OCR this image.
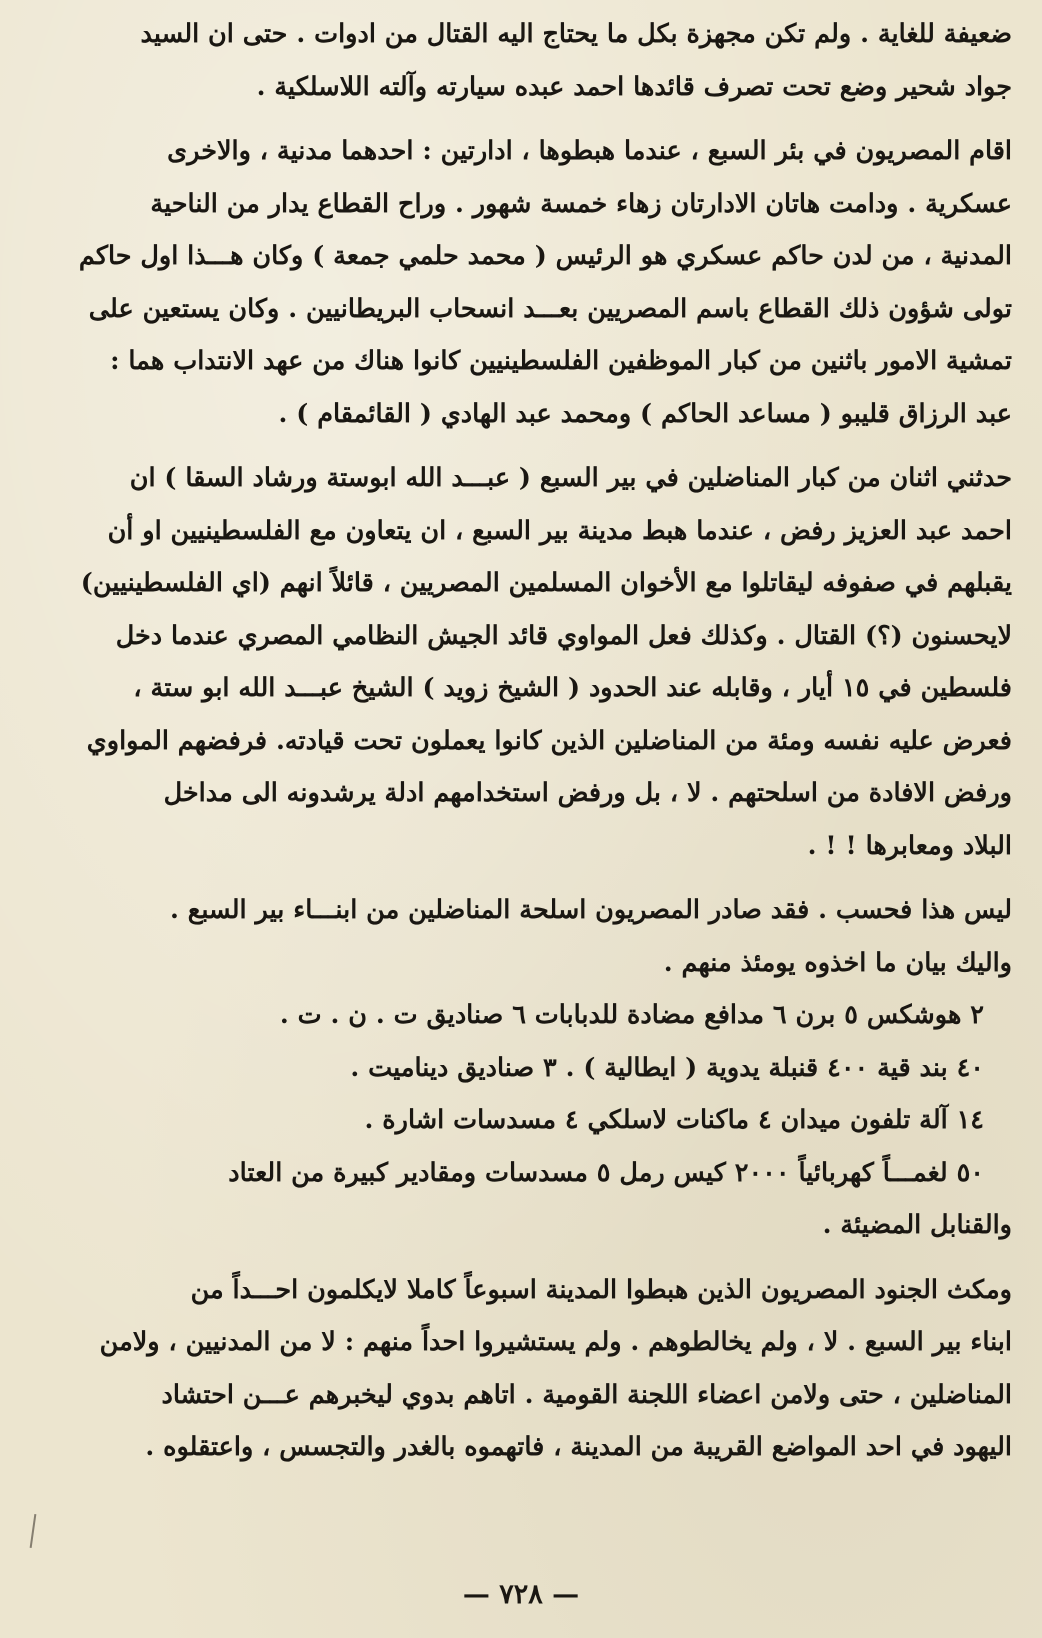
ضعيفة للغاية . ولم تكن مجهزة بكل ما يحتاج اليه القتال من ادوات . حتى ان السيد
جواد شحير وضع تحت تصرف قائدها احمد عبده سيارته وآلته اللاسلكية .
اقام المصريون في بئر السبع ، عندما هبطوها ، ادارتين : احدهما مدنية ، والاخرى
عسكرية . ودامت هاتان الادارتان زهاء خمسة شهور . وراح القطاع يدار من الناحية
المدنية ، من لدن حاكم عسكري هو الرئيس ( محمد حلمي جمعة ) وكان هـــذا اول حاكم
تولى شؤون ذلك القطاع باسم المصريين بعـــد انسحاب البريطانيين . وكان يستعين على
تمشية الامور باثنين من كبار الموظفين الفلسطينيين كانوا هناك من عهد الانتداب هما :
عبد الرزاق قليبو ( مساعد الحاكم ) ومحمد عبد الهادي ( القائمقام ) .
حدثني اثنان من كبار المناضلين في بير السبع ( عبـــد الله ابوستة ورشاد السقا ) ان
احمد عبد العزيز رفض ، عندما هبط مدينة بير السبع ، ان يتعاون مع الفلسطينيين او أن
يقبلهم في صفوفه ليقاتلوا مع الأخوان المسلمين المصريين ، قائلاً انهم (اي الفلسطينيين)
لايحسنون (؟) القتال . وكذلك فعل المواوي قائد الجيش النظامي المصري عندما دخل
فلسطين في ١٥ أيار ، وقابله عند الحدود ( الشيخ زويد ) الشيخ عبـــد الله ابو ستة ،
فعرض عليه نفسه ومئة من المناضلين الذين كانوا يعملون تحت قيادته. فرفضهم المواوي
ورفض الافادة من اسلحتهم . لا ، بل ورفض استخدامهم ادلة يرشدونه الى مداخل
البلاد ومعابرها ! ! .
ليس هذا فحسب . فقد صادر المصريون اسلحة المناضلين من ابنـــاء بير السبع .
واليك بيان ما اخذوه يومئذ منهم .
٢ هوشكس ٥ برن ٦ مدافع مضادة للدبابات ٦ صناديق ت . ن . ت .
٤٠ بند قية ٤٠٠ قنبلة يدوية ( ايطالية ) . ٣ صناديق ديناميت .
١٤ آلة تلفون ميدان ٤ ماكنات لاسلكي ٤ مسدسات اشارة .
٥٠ لغمـــاً كهربائياً ٢٠٠٠ كيس رمل ٥ مسدسات ومقادير كبيرة من العتاد
والقنابل المضيئة .
ومكث الجنود المصريون الذين هبطوا المدينة اسبوعاً كاملا لايكلمون احـــداً من
ابناء بير السبع . لا ، ولم يخالطوهم . ولم يستشيروا احداً منهم : لا من المدنيين ، ولامن
المناضلين ، حتى ولامن اعضاء اللجنة القومية . اتاهم بدوي ليخبرهم عـــن احتشاد
اليهود في احد المواضع القريبة من المدينة ، فاتهموه بالغدر والتجسس ، واعتقلوه .
— ٧٢٨ —
